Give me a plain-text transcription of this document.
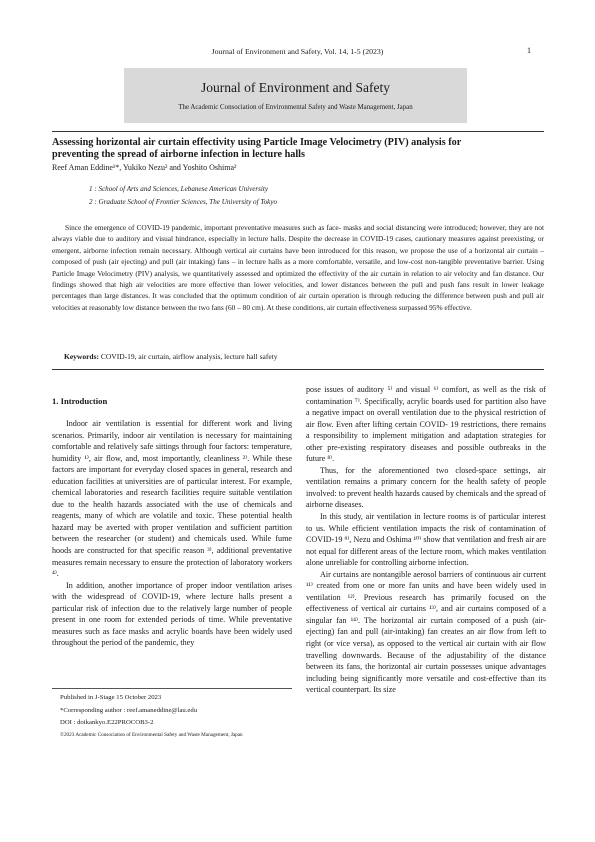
Journal of Environment and Safety, Vol. 14, 1-5 (2023)	1
Journal of Environment and Safety
The Academic Consociation of Environmental Safety and Waste Management, Japan
Assessing horizontal air curtain effectivity using Particle Image Velocimetry (PIV) analysis for
preventing the spread of airborne infection in lecture halls
Reef Aman Eddine¹*, Yukiko Nezu² and Yoshito Oshima²
1 : School of Arts and Sciences, Lebanese American University
2 : Graduate School of Frontier Sciences, The University of Tokyo

Since the emergence of COVID-19 pandemic, important preventative measures such as face- masks and social distancing were introduced; however, they are not always viable due to auditory and visual hindrance, especially in lecture halls. Despite the decrease in COVID-19 cases, cautionary measures against preexisting, or emergent, airborne infection remain necessary. Although vertical air curtains have been introduced for this reason, we propose the use of a horizontal air curtain – composed of push (air ejecting) and pull (air intaking) fans – in lecture halls as a more comfortable, versatile, and low-cost non-tangible preventative barrier. Using Particle Image Velocimetry (PIV) analysis, we quantitatively assessed and optimized the effectivity of the air curtain in relation to air velocity and fan distance. Our findings showed that high air velocities are more effective than lower velocities, and lower distances between the pull and push fans result in lower leakage percentages than large distances. It was concluded that the optimum condition of air curtain operation is through reducing the difference between push and pull air velocities at reasonably low distance between the two fans (60 – 80 cm). At these conditions, air curtain effectiveness surpassed 95% effective.

Keywords: COVID-19, air curtain, airflow analysis, lecture hall safety
1. Introduction

Indoor air ventilation is essential for different work and living scenarios. Primarily, indoor air ventilation is necessary for maintaining comfortable and relatively safe sittings through four factors: temperature, humidity ¹⁾, air flow, and, most importantly, cleanliness ²⁾. While these factors are important for everyday closed spaces in general, research and education facilities at universities are of particular interest. For example, chemical laboratories and research facilities require suitable ventilation due to the health hazards associated with the use of chemicals and reagents, many of which are volatile and toxic. These potential health hazard may be averted with proper ventilation and sufficient partition between the researcher (or student) and chemicals used. While fume hoods are constructed for that specific reason ³⁾, additional preventative measures remain necessary to ensure the protection of laboratory workers ⁴⁾.

In addition, another importance of proper indoor ventilation arises with the widespread of COVID-19, where lecture halls present a particular risk of infection due to the relatively large number of people present in one room for extended periods of time. While preventative measures such as face masks and acrylic boards have been widely used throughout the period of the pandemic, they

pose issues of auditory ⁵⁾ and visual ⁶⁾ comfort, as well as the risk of contamination ⁷⁾. Specifically, acrylic boards used for partition also have a negative impact on overall ventilation due to the physical restriction of air flow. Even after lifting certain COVID- 19 restrictions, there remains a responsibility to implement mitigation and adaptation strategies for other pre-existing respiratory diseases and possible outbreaks in the future ⁸⁾.

Thus, for the aforementioned two closed-space settings, air ventilation remains a primary concern for the health safety of people involved: to prevent health hazards caused by chemicals and the spread of airborne diseases.

In this study, air ventilation in lecture rooms is of particular interest to us. While efficient ventilation impacts the risk of contamination of COVID-19 ⁹⁾, Nezu and Oshima ¹⁰⁾ show that ventilation and fresh air are not equal for different areas of the lecture room, which makes ventilation alone unreliable for controlling airborne infection.

Air curtains are nontangible aerosol barriers of continuous air current ¹¹⁾ created from one or more fan units and have been widely used in ventilation ¹²⁾. Previous research has primarily focused on the effectiveness of vertical air curtains ¹³⁾, and air curtains composed of a singular fan ¹⁴⁾. The horizontal air curtain composed of a push (air-ejecting) fan and pull (air-intaking) fan creates an air flow from left to right (or vice versa), as opposed to the vertical air curtain with air flow travelling downwards. Because of the adjustability of the distance between its fans, the horizontal air curtain possesses unique advantages including being significantly more versatile and cost-effective than its vertical counterpart. Its size

Published in J-Stage 15 October 2023
*Corresponding author : reef.amaneddine@lau.edu
DOI : doikankyo.E22PROCOB3-2
©2023 Academic Consociation of Environmental Safety and Waste Management, Japan
